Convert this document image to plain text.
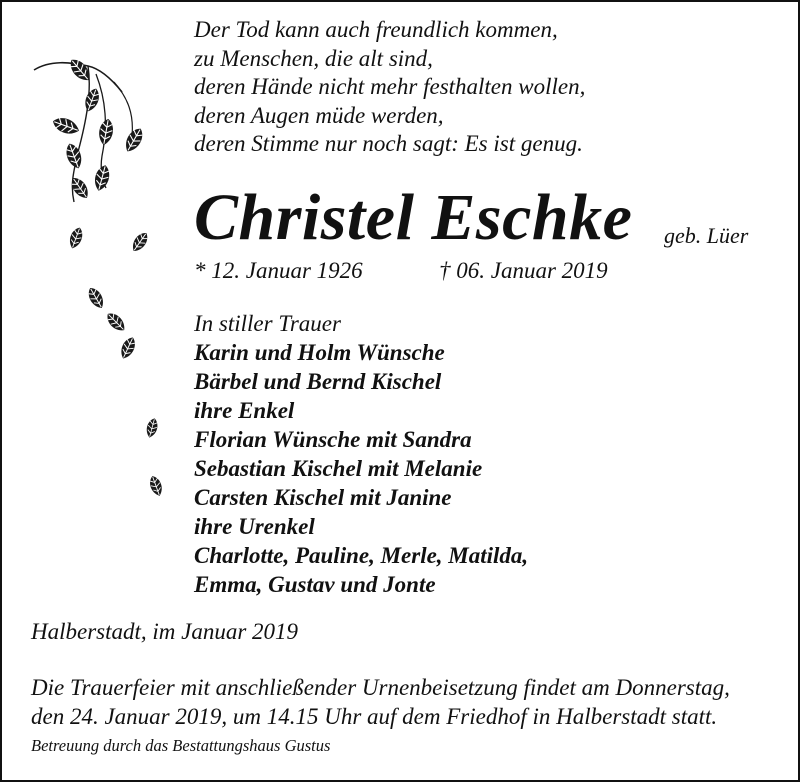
Der Tod kann auch freundlich kommen,
zu Menschen, die alt sind,
deren Hände nicht mehr festhalten wollen,
deren Augen müde werden,
deren Stimme nur noch sagt: Es ist genug.
Christel Eschke geb. Lüer
* 12. Januar 1926	† 06. Januar 2019
In stiller Trauer
Karin und Holm Wünsche
Bärbel und Bernd Kischel
ihre Enkel
Florian Wünsche mit Sandra
Sebastian Kischel mit Melanie
Carsten Kischel mit Janine
ihre Urenkel
Charlotte, Pauline, Merle, Matilda,
Emma, Gustav und Jonte
Halberstadt, im Januar 2019
Die Trauerfeier mit anschließender Urnenbeisetzung findet am Donnerstag,
den 24. Januar 2019, um 14.15 Uhr auf dem Friedhof in Halberstadt statt.
Betreuung durch das Bestattungshaus Gustus
